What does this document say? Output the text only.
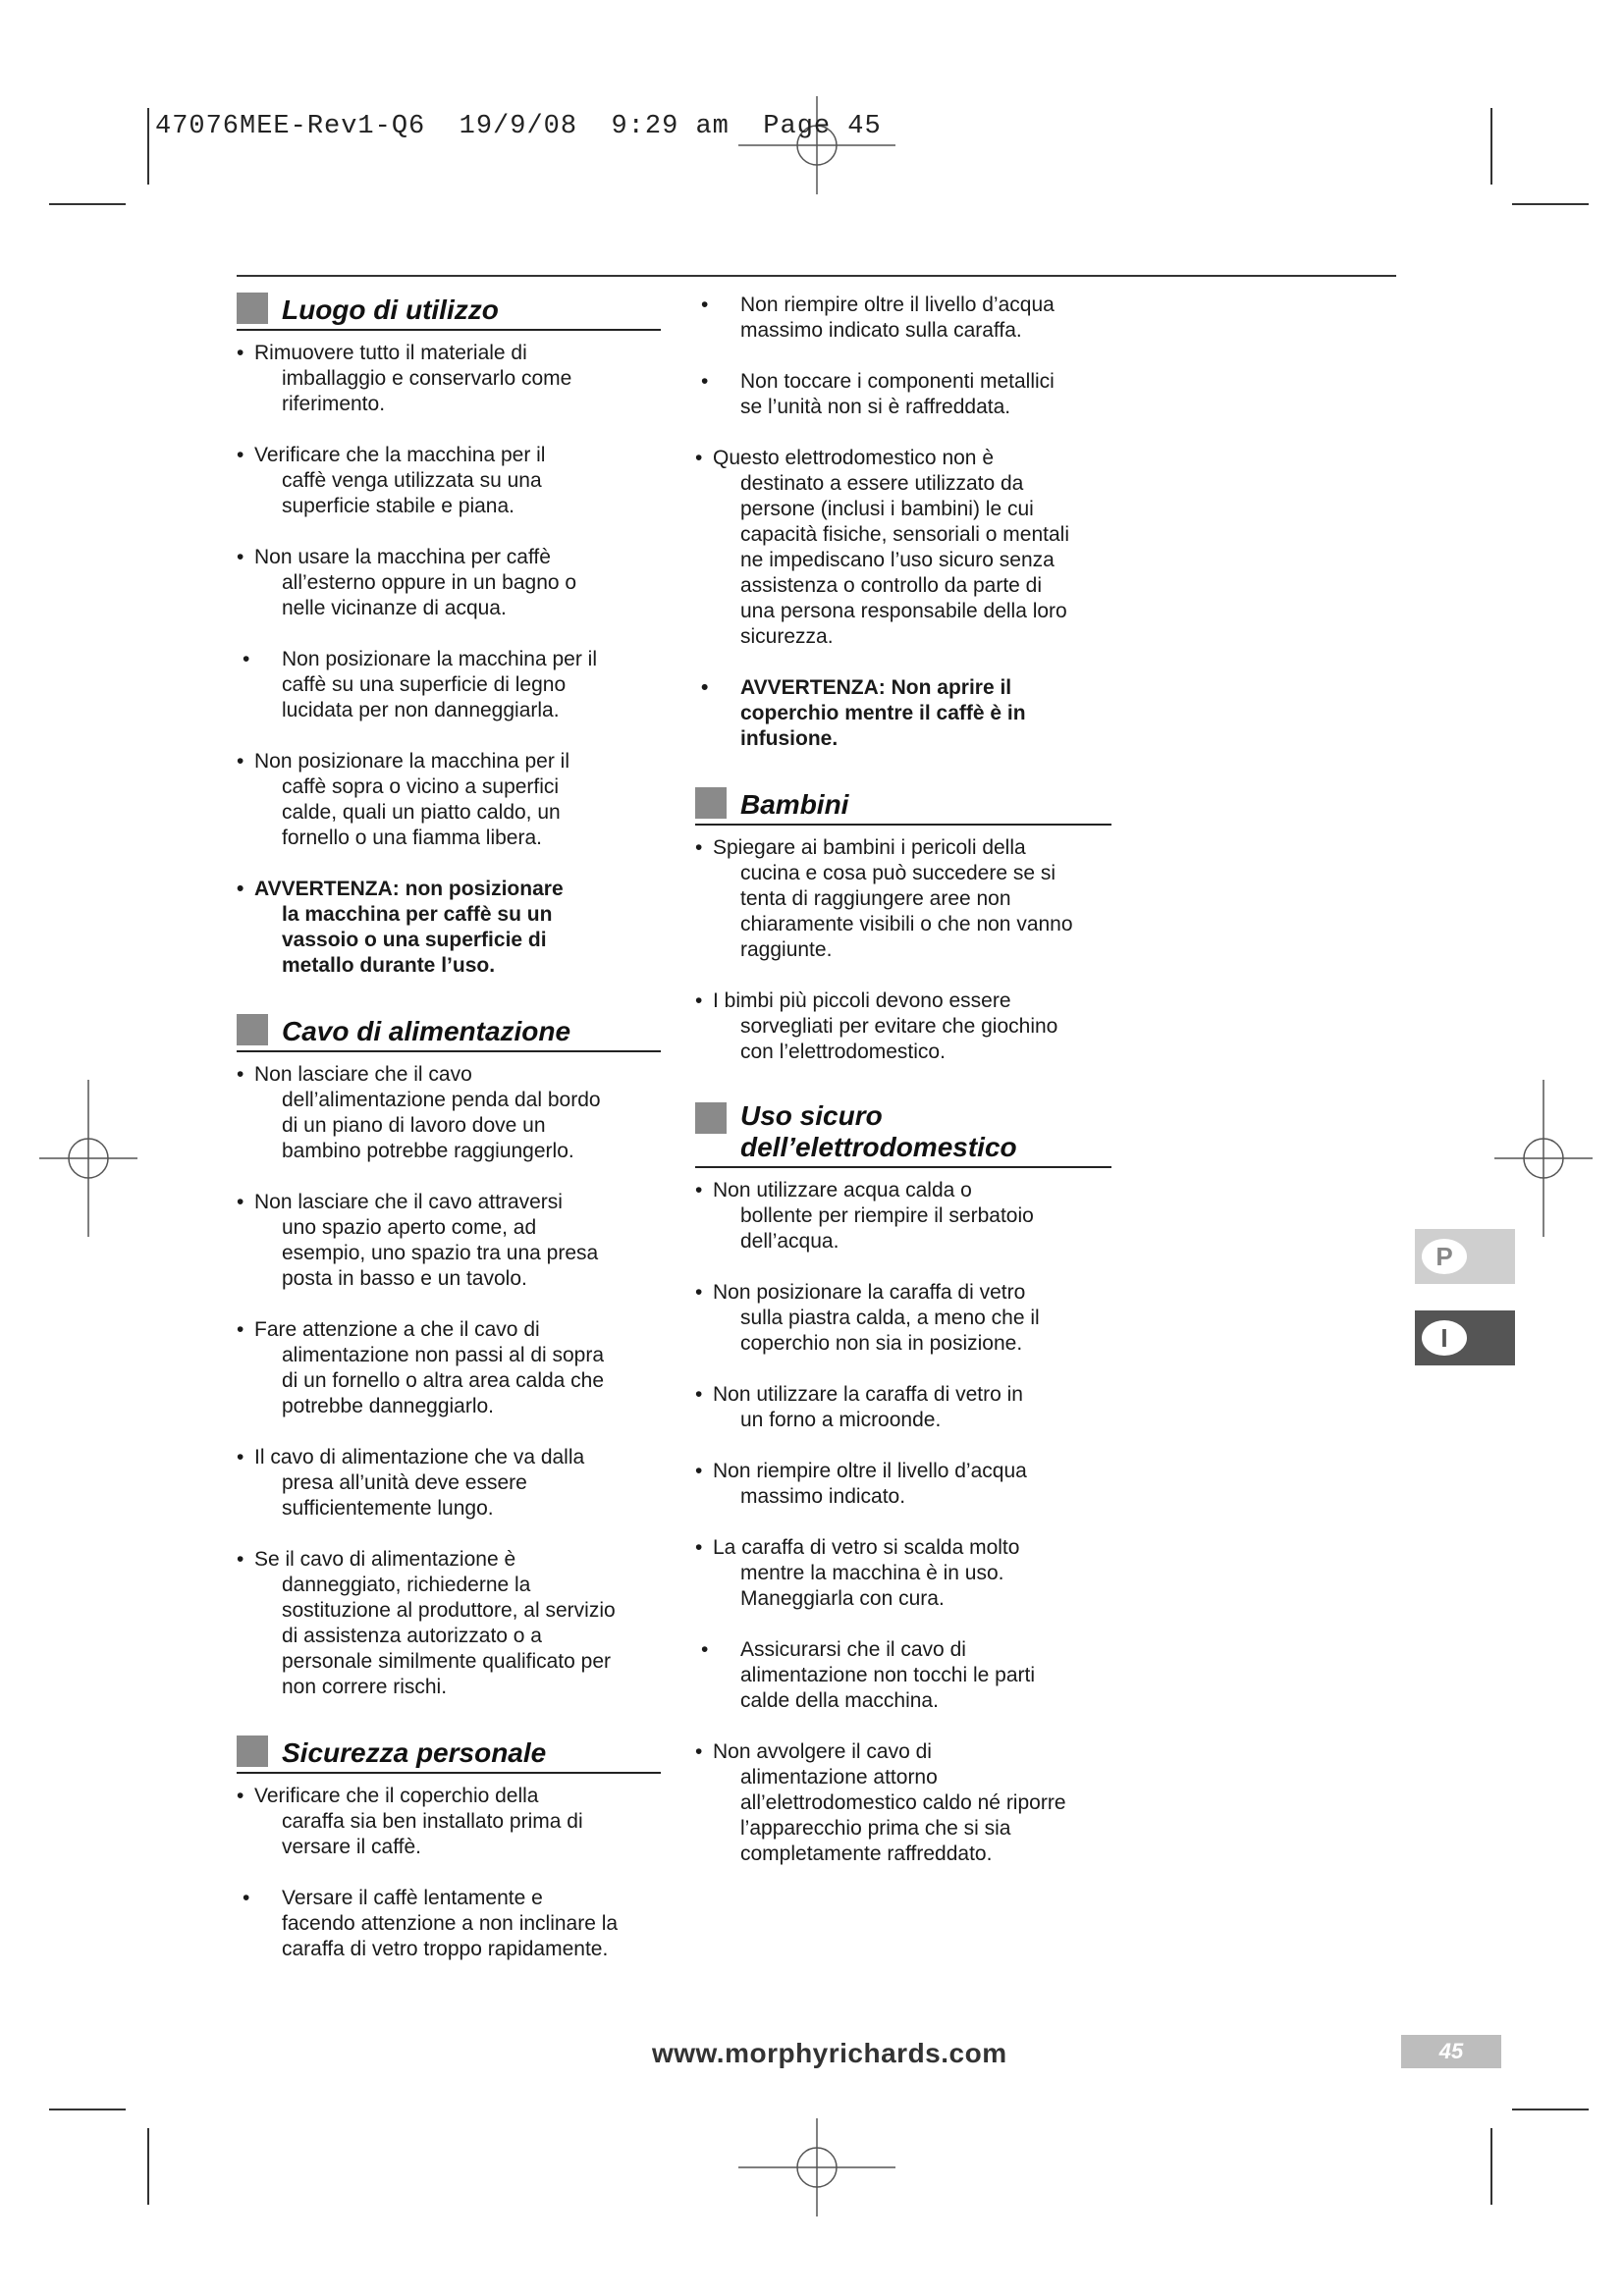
47076MEE-Rev1-Q6  19/9/08  9:29 am  Page 45
Luogo di utilizzo
• Rimuovere tutto il materiale di
imballaggio e conservarlo come
riferimento.
• Verificare che la macchina per il
caffè venga utilizzata su una
superficie stabile e piana.
• Non usare la macchina per caffè
all’esterno oppure in un bagno o
nelle vicinanze di acqua.
• Non posizionare la macchina per il
caffè su una superficie di legno
lucidata per non danneggiarla.
• Non posizionare la macchina per il
caffè sopra o vicino a superfici
calde, quali un piatto caldo, un
fornello o una fiamma libera.
• AVVERTENZA: non posizionare
la macchina per caffè su un
vassoio o una superficie di
metallo durante l’uso.
Cavo di alimentazione
• Non lasciare che il cavo
dell’alimentazione penda dal bordo
di un piano di lavoro dove un
bambino potrebbe raggiungerlo.
• Non lasciare che il cavo attraversi
uno spazio aperto come, ad
esempio, uno spazio tra una presa
posta in basso e un tavolo.
• Fare attenzione a che il cavo di
alimentazione non passi al di sopra
di un fornello o altra area calda che
potrebbe danneggiarlo.
• Il cavo di alimentazione che va dalla
presa all’unità deve essere
sufficientemente lungo.
• Se il cavo di alimentazione è
danneggiato, richiederne la
sostituzione al produttore, al servizio
di assistenza autorizzato o a
personale similmente qualificato per
non correre rischi.
Sicurezza personale
• Verificare che il coperchio della
caraffa sia ben installato prima di
versare il caffè.
• Versare il caffè lentamente e
facendo attenzione a non inclinare la
caraffa di vetro troppo rapidamente.
• Non riempire oltre il livello d’acqua
massimo indicato sulla caraffa.
• Non toccare i componenti metallici
se l’unità non si è raffreddata.
• Questo elettrodomestico non è
destinato a essere utilizzato da
persone (inclusi i bambini) le cui
capacità fisiche, sensoriali o mentali
ne impediscano l’uso sicuro senza
assistenza o controllo da parte di
una persona responsabile della loro
sicurezza.
• AVVERTENZA: Non aprire il
coperchio mentre il caffè è in
infusione.
Bambini
• Spiegare ai bambini i pericoli della
cucina e cosa può succedere se si
tenta di raggiungere aree non
chiaramente visibili o che non vanno
raggiunte.
• I bimbi più piccoli devono essere
sorvegliati per evitare che giochino
con l’elettrodomestico.
Uso sicuro
dell’elettrodomestico
• Non utilizzare acqua calda o
bollente per riempire il serbatoio
dell’acqua.
• Non posizionare la caraffa di vetro
sulla piastra calda, a meno che il
coperchio non sia in posizione.
• Non utilizzare la caraffa di vetro in
un forno a microonde.
• Non riempire oltre il livello d’acqua
massimo indicato.
• La caraffa di vetro si scalda molto
mentre la macchina è in uso.
Maneggiarla con cura.
• Assicurarsi che il cavo di
alimentazione non tocchi le parti
calde della macchina.
• Non avvolgere il cavo di
alimentazione attorno
all’elettrodomestico caldo né riporre
l’apparecchio prima che si sia
completamente raffreddato.
P
I
www.morphyrichards.com	45
